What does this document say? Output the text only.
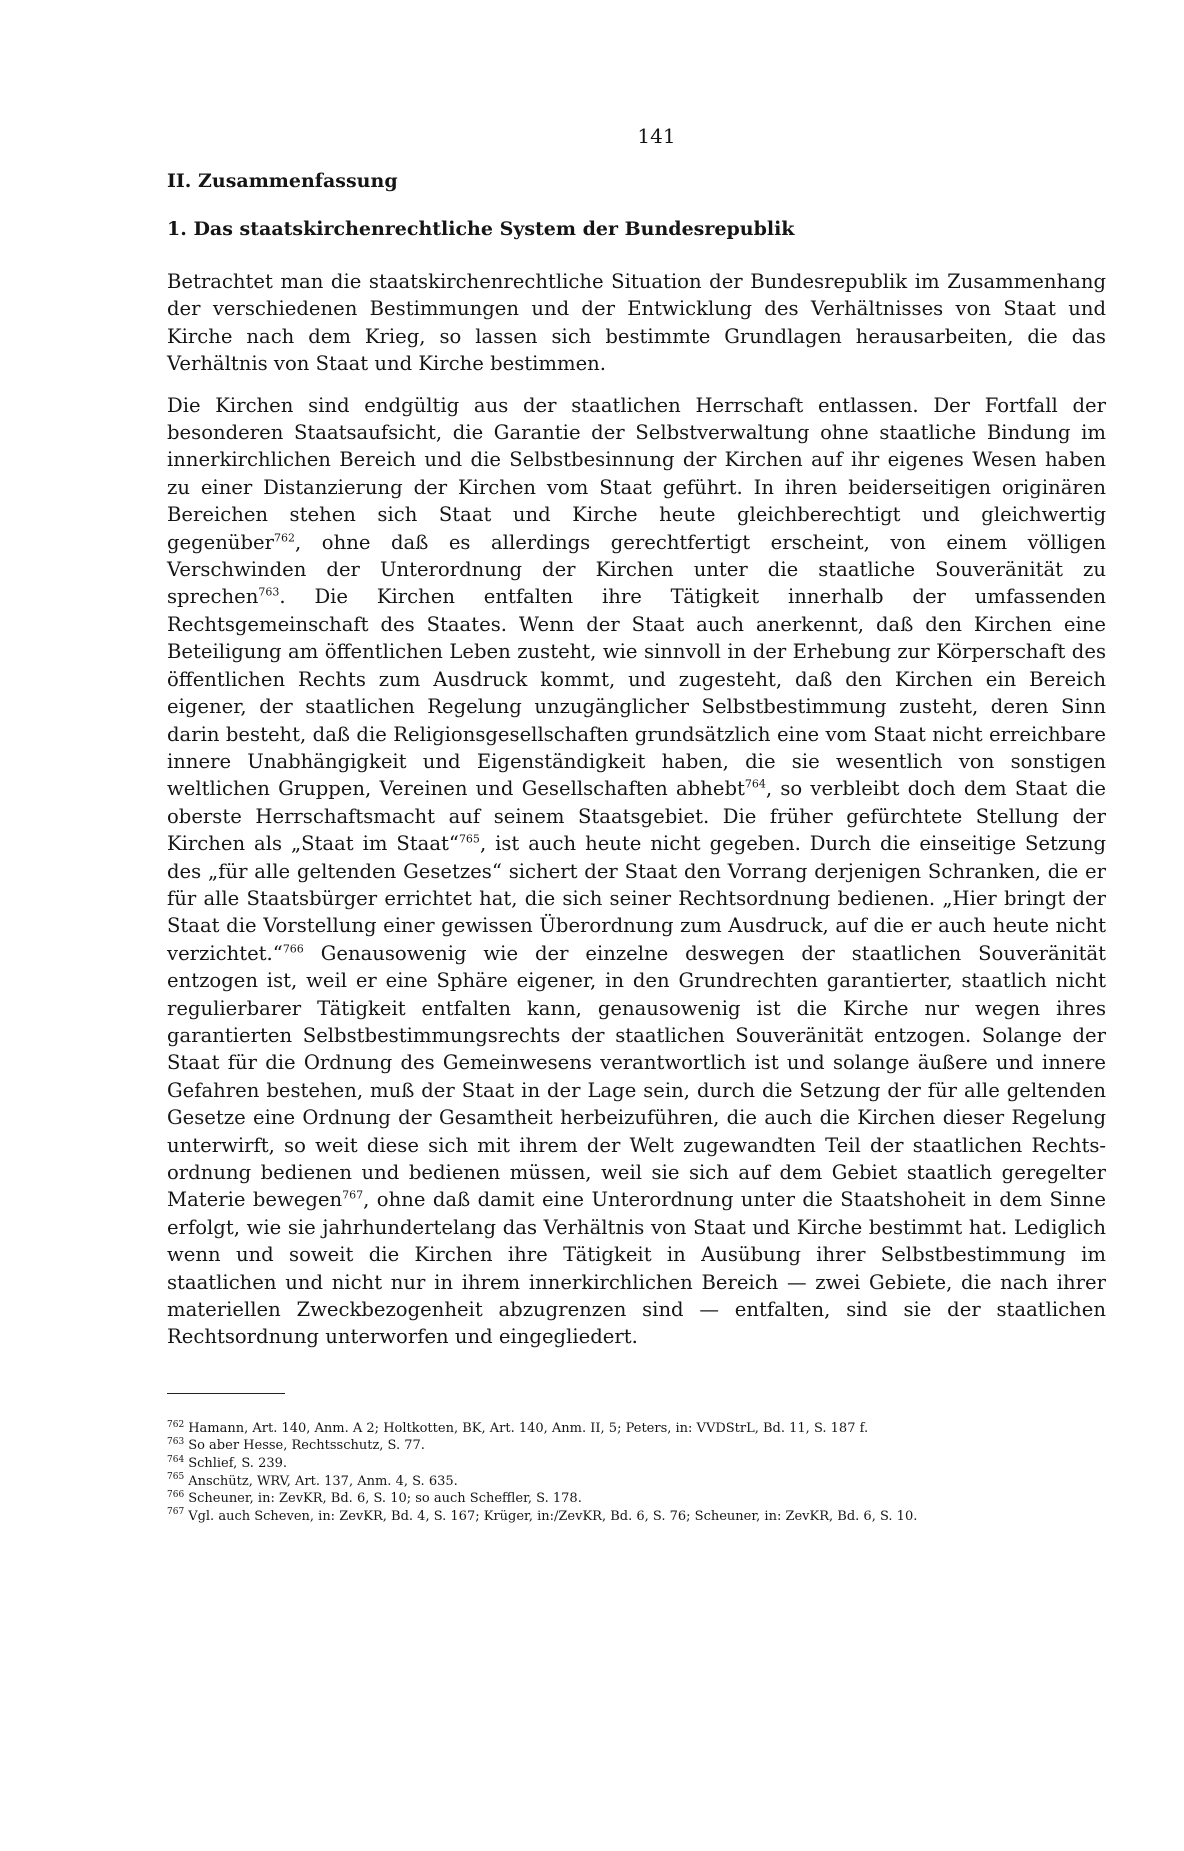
141
II. Zusammenfassung
1. Das staatskirchenrechtliche System der Bundesrepublik

Betrachtet man die staatskirchenrechtliche Situation der Bundesrepublik im Zusammenhang der verschiedenen Bestimmungen und der Entwicklung des Verhältnisses von Staat und Kirche nach dem Krieg, so lassen sich bestimmte Grundlagen herausarbeiten, die das Verhältnis von Staat und Kirche bestimmen.

Die Kirchen sind endgültig aus der staatlichen Herrschaft entlassen. Der Fortfall der besonderen Staatsaufsicht, die Garantie der Selbstverwaltung ohne staatliche Bindung im innerkirchlichen Bereich und die Selbstbesinnung der Kirchen auf ihr eigenes Wesen haben zu einer Distanzierung der Kirchen vom Staat geführt. In ihren beiderseitigen originären Bereichen stehen sich Staat und Kirche heute gleichberechtigt und gleichwertig gegenüber$^{762}$, ohne daß es allerdings gerechtfertigt erscheint, von einem völligen Verschwinden der Unterordnung der Kirchen unter die staatliche Souveränität zu sprechen$^{763}$. Die Kirchen entfalten ihre Tätigkeit innerhalb der umfassenden Rechtsgemeinschaft des Staates. Wenn der Staat auch anerkennt, daß den Kirchen eine Beteiligung am öffentlichen Leben zusteht, wie sinnvoll in der Erhebung zur Körperschaft des öffentlichen Rechts zum Ausdruck kommt, und zugesteht, daß den Kirchen ein Bereich eigener, der staatlichen Regelung unzugänglicher Selbstbestimmung zusteht, deren Sinn darin besteht, daß die Religionsgesellschaften grundsätzlich eine vom Staat nicht erreichbare innere Unabhängigkeit und Eigenständigkeit haben, die sie wesentlich von sonstigen weltlichen Gruppen, Vereinen und Gesellschaften abhebt$^{764}$, so verbleibt doch dem Staat die oberste Herrschaftsmacht auf seinem Staatsgebiet. Die früher gefürchtete Stellung der Kirchen als „Staat im Staat“$^{765}$, ist auch heute nicht gegeben. Durch die einseitige Setzung des „für alle geltenden Gesetzes“ sichert der Staat den Vorrang derjenigen Schranken, die er für alle Staatsbürger errichtet hat, die sich seiner Rechtsordnung bedienen. „Hier bringt der Staat die Vorstellung einer gewissen Überordnung zum Ausdruck, auf die er auch heute nicht verzichtet.“$^{766}$ Genausowenig wie der einzelne deswegen der staatlichen Souveränität entzogen ist, weil er eine Sphäre eigener, in den Grundrechten garantierter, staatlich nicht regulierbarer Tätigkeit entfalten kann, genausowenig ist die Kirche nur wegen ihres garantierten Selbstbestimmungsrechts der staatlichen Souveränität entzogen. Solange der Staat für die Ordnung des Gemeinwesens verantwortlich ist und solange äußere und innere Gefahren bestehen, muß der Staat in der Lage sein, durch die Setzung der für alle geltenden Gesetze eine Ordnung der Gesamtheit herbeizuführen, die auch die Kirchen dieser Regelung unterwirft, so weit diese sich mit ihrem der Welt zugewandten Teil der staatlichen Rechtsordnung bedienen und bedienen müssen, weil sie sich auf dem Gebiet staatlich geregelter Materie bewegen$^{767}$, ohne daß damit eine Unterordnung unter die Staatshoheit in dem Sinne erfolgt, wie sie jahrhundertelang das Verhältnis von Staat und Kirche bestimmt hat. Lediglich wenn und soweit die Kirchen ihre Tätigkeit in Ausübung ihrer Selbstbestimmung im staatlichen und nicht nur in ihrem innerkirchlichen Bereich — zwei Gebiete, die nach ihrer materiellen Zweckbezogenheit abzugrenzen sind — entfalten, sind sie der staatlichen Rechtsordnung unterworfen und eingegliedert.

$^{762}$ Hamann, Art. 140, Anm. A 2; Holtkotten, BK, Art. 140, Anm. II, 5; Peters, in: VVDStrL, Bd. 11, S. 187 f.
$^{763}$ So aber Hesse, Rechtsschutz, S. 77.
$^{764}$ Schlief, S. 239.
$^{765}$ Anschütz, WRV, Art. 137, Anm. 4, S. 635.
$^{766}$ Scheuner, in: ZevKR, Bd. 6, S. 10; so auch Scheffler, S. 178.
$^{767}$ Vgl. auch Scheven, in: ZevKR, Bd. 4, S. 167; Krüger, in:/ZevKR, Bd. 6, S. 76; Scheuner, in: ZevKR, Bd. 6, S. 10.
